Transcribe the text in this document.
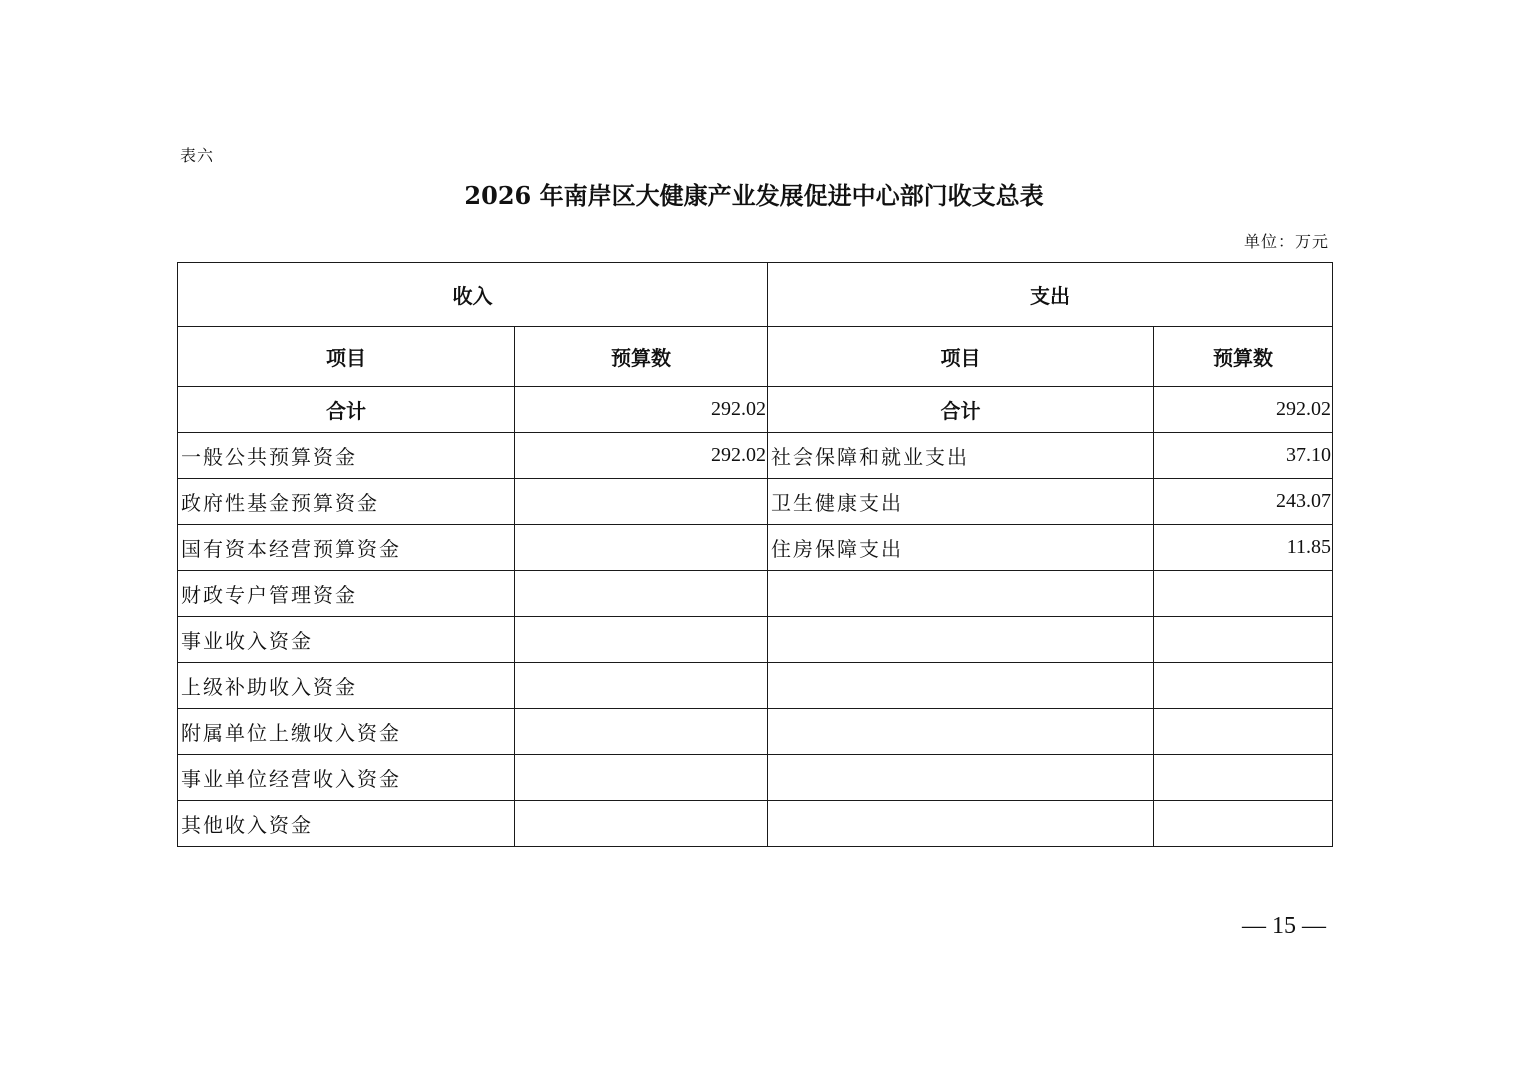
表六
2026 年南岸区大健康产业发展促进中心部门收支总表
单位：万元
收入		支出	
项目	预算数	项目	预算数
合计	292.02	合计	292.02
一般公共预算资金	292.02	社会保障和就业支出	37.10
政府性基金预算资金		卫生健康支出	243.07
国有资本经营预算资金		住房保障支出	11.85
财政专户管理资金			
事业收入资金			
上级补助收入资金			
附属单位上缴收入资金			
事业单位经营收入资金			
其他收入资金			
— 15 —
